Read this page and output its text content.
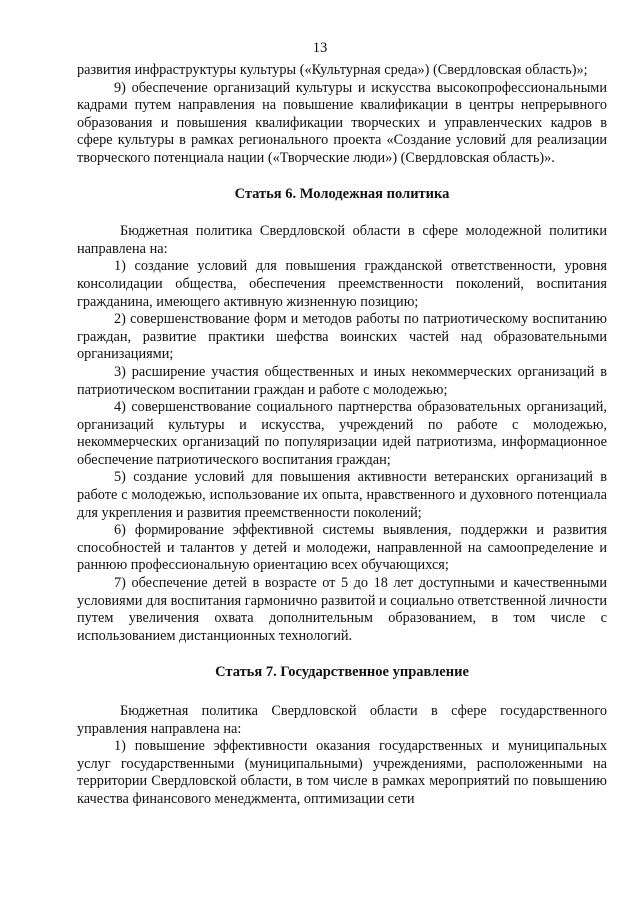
13

развития инфраструктуры культуры («Культурная среда») (Свердловская область)»;

9) обеспечение организаций культуры и искусства высокопрофессиональными кадрами путем направления на повышение квалификации в центры непрерывного образования и повышения квалификации творческих и управленческих кадров в сфере культуры в рамках регионального проекта «Создание условий для реализации творческого потенциала нации («Творческие люди») (Свердловская область)».

Статья 6. Молодежная политика

Бюджетная политика Свердловской области в сфере молодежной политики направлена на:

1) создание условий для повышения гражданской ответственности, уровня консолидации общества, обеспечения преемственности поколений, воспитания гражданина, имеющего активную жизненную позицию;

2) совершенствование форм и методов работы по патриотическому воспитанию граждан, развитие практики шефства воинских частей над образовательными организациями;

3) расширение участия общественных и иных некоммерческих организаций в патриотическом воспитании граждан и работе с молодежью;

4) совершенствование социального партнерства образовательных организаций, организаций культуры и искусства, учреждений по работе с молодежью, некоммерческих организаций по популяризации идей патриотизма, информационное обеспечение патриотического воспитания граждан;

5) создание условий для повышения активности ветеранских организаций в работе с молодежью, использование их опыта, нравственного и духовного потенциала для укрепления и развития преемственности поколений;

6) формирование эффективной системы выявления, поддержки и развития способностей и талантов у детей и молодежи, направленной на самоопределение и раннюю профессиональную ориентацию всех обучающихся;

7) обеспечение детей в возрасте от 5 до 18 лет доступными и качественными условиями для воспитания гармонично развитой и социально ответственной личности путем увеличения охвата дополнительным образованием, в том числе с использованием дистанционных технологий.

Статья 7. Государственное управление

Бюджетная политика Свердловской области в сфере государственного управления направлена на:

1) повышение эффективности оказания государственных и муниципальных услуг государственными (муниципальными) учреждениями, расположенными на территории Свердловской области, в том числе в рамках мероприятий по повышению качества финансового менеджмента, оптимизации сети
